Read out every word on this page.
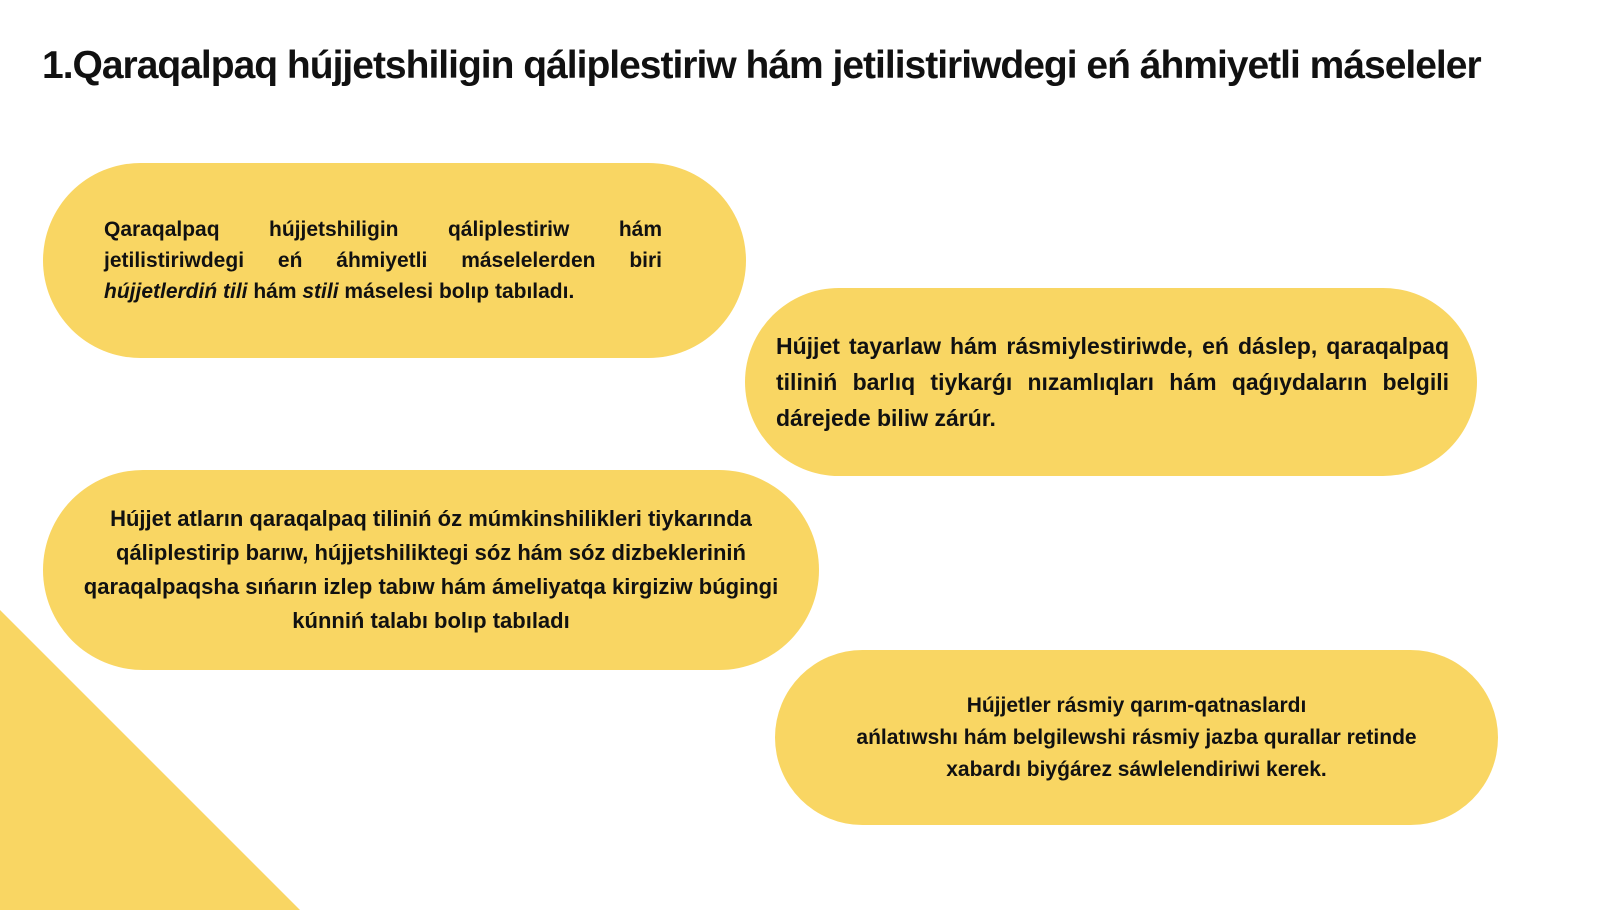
1.Qaraqalpaq hújjetshiligin qáliplestiriw hám jetilistiriwdegi eń áhmiyetli máseleler
Qaraqalpaq hújjetshiligin qáliplestiriw hám jetilistiriwdegi eń áhmiyetli máselelerden biri hújjetlerdiń tili hám stili máselesi bolıp tabıladı.
Hújjet tayarlaw hám rásmiylestiriwde, eń dáslep, qaraqalpaq tiliniń barlıq tiykarǵı nızamlıqları hám qaǵıydaların belgili dárejede biliw zárúr.
Hújjet atların qaraqalpaq tiliniń óz múmkinshilikleri tiykarında qáliplestirip barıw, hújjetshiliktegi sóz hám sóz dizbekleriniń qaraqalpaqsha sıńarın izlep tabıw hám ámeliyatqa kirgiziw búgingi kúnniń talabı bolıp tabıladı
Hújjetler rásmiy qarım-qatnaslardı
ańlatıwshı hám belgilewshi rásmiy jazba qurallar retinde
xabardı biyǵárez sáwlelendiriwi kerek.
